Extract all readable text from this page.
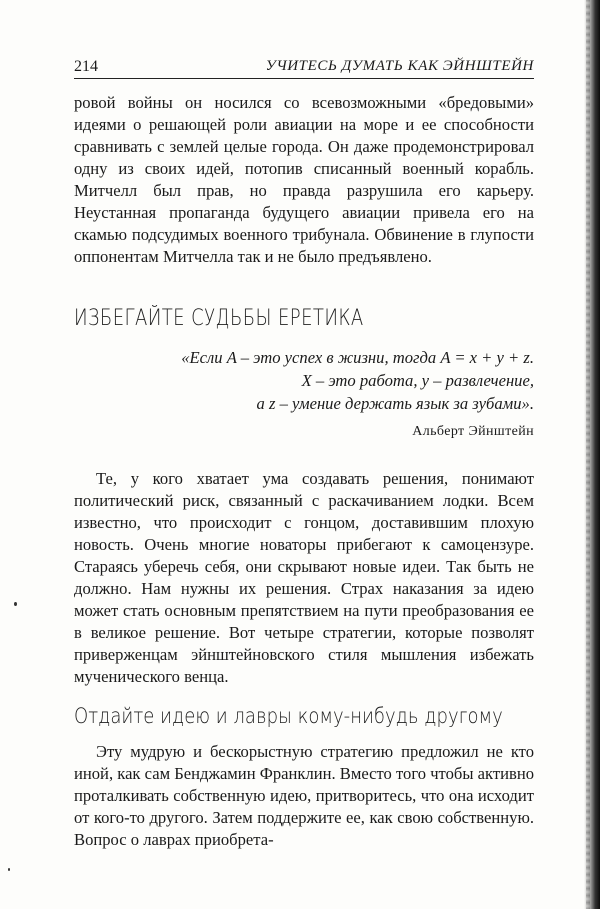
214	УЧИТЕСЬ ДУМАТЬ КАК ЭЙНШТЕЙН

ровой войны он носился со всевозможными «бредовыми» идеями о решающей роли авиации на море и ее способности сравнивать с землей целые города. Он даже продемонстрировал одну из своих идей, потопив списанный военный корабль. Митчелл был прав, но правда разрушила его карьеру. Неустанная пропаганда будущего авиации привела его на скамью подсудимых военного трибунала. Обвинение в глупости оппонентам Митчелла так и не было предъявлено.

ИЗБЕГАЙТЕ СУДЬБЫ ЕРЕТИКА
«Если A – это успех в жизни, тогда A = x + y + z.
X – это работа, y – развлечение,
a z – умение держать язык за зубами».
Альберт Эйнштейн

Те, у кого хватает ума создавать решения, понимают политический риск, связанный с раскачиванием лодки. Всем известно, что происходит с гонцом, доставившим плохую новость. Очень многие новаторы прибегают к самоцензуре. Стараясь уберечь себя, они скрывают новые идеи. Так быть не должно. Нам нужны их решения. Страх наказания за идею может стать основным препятствием на пути преобразования ее в великое решение. Вот четыре стратегии, которые позволят приверженцам эйнштейновского стиля мышления избежать мученического венца.

Отдайте идею и лавры кому-нибудь другому

Эту мудрую и бескорыстную стратегию предложил не кто иной, как сам Бенджамин Франклин. Вместо того чтобы активно проталкивать собственную идею, притворитесь, что она исходит от кого-то другого. Затем поддержите ее, как свою собственную. Вопрос о лаврах приобрета-
